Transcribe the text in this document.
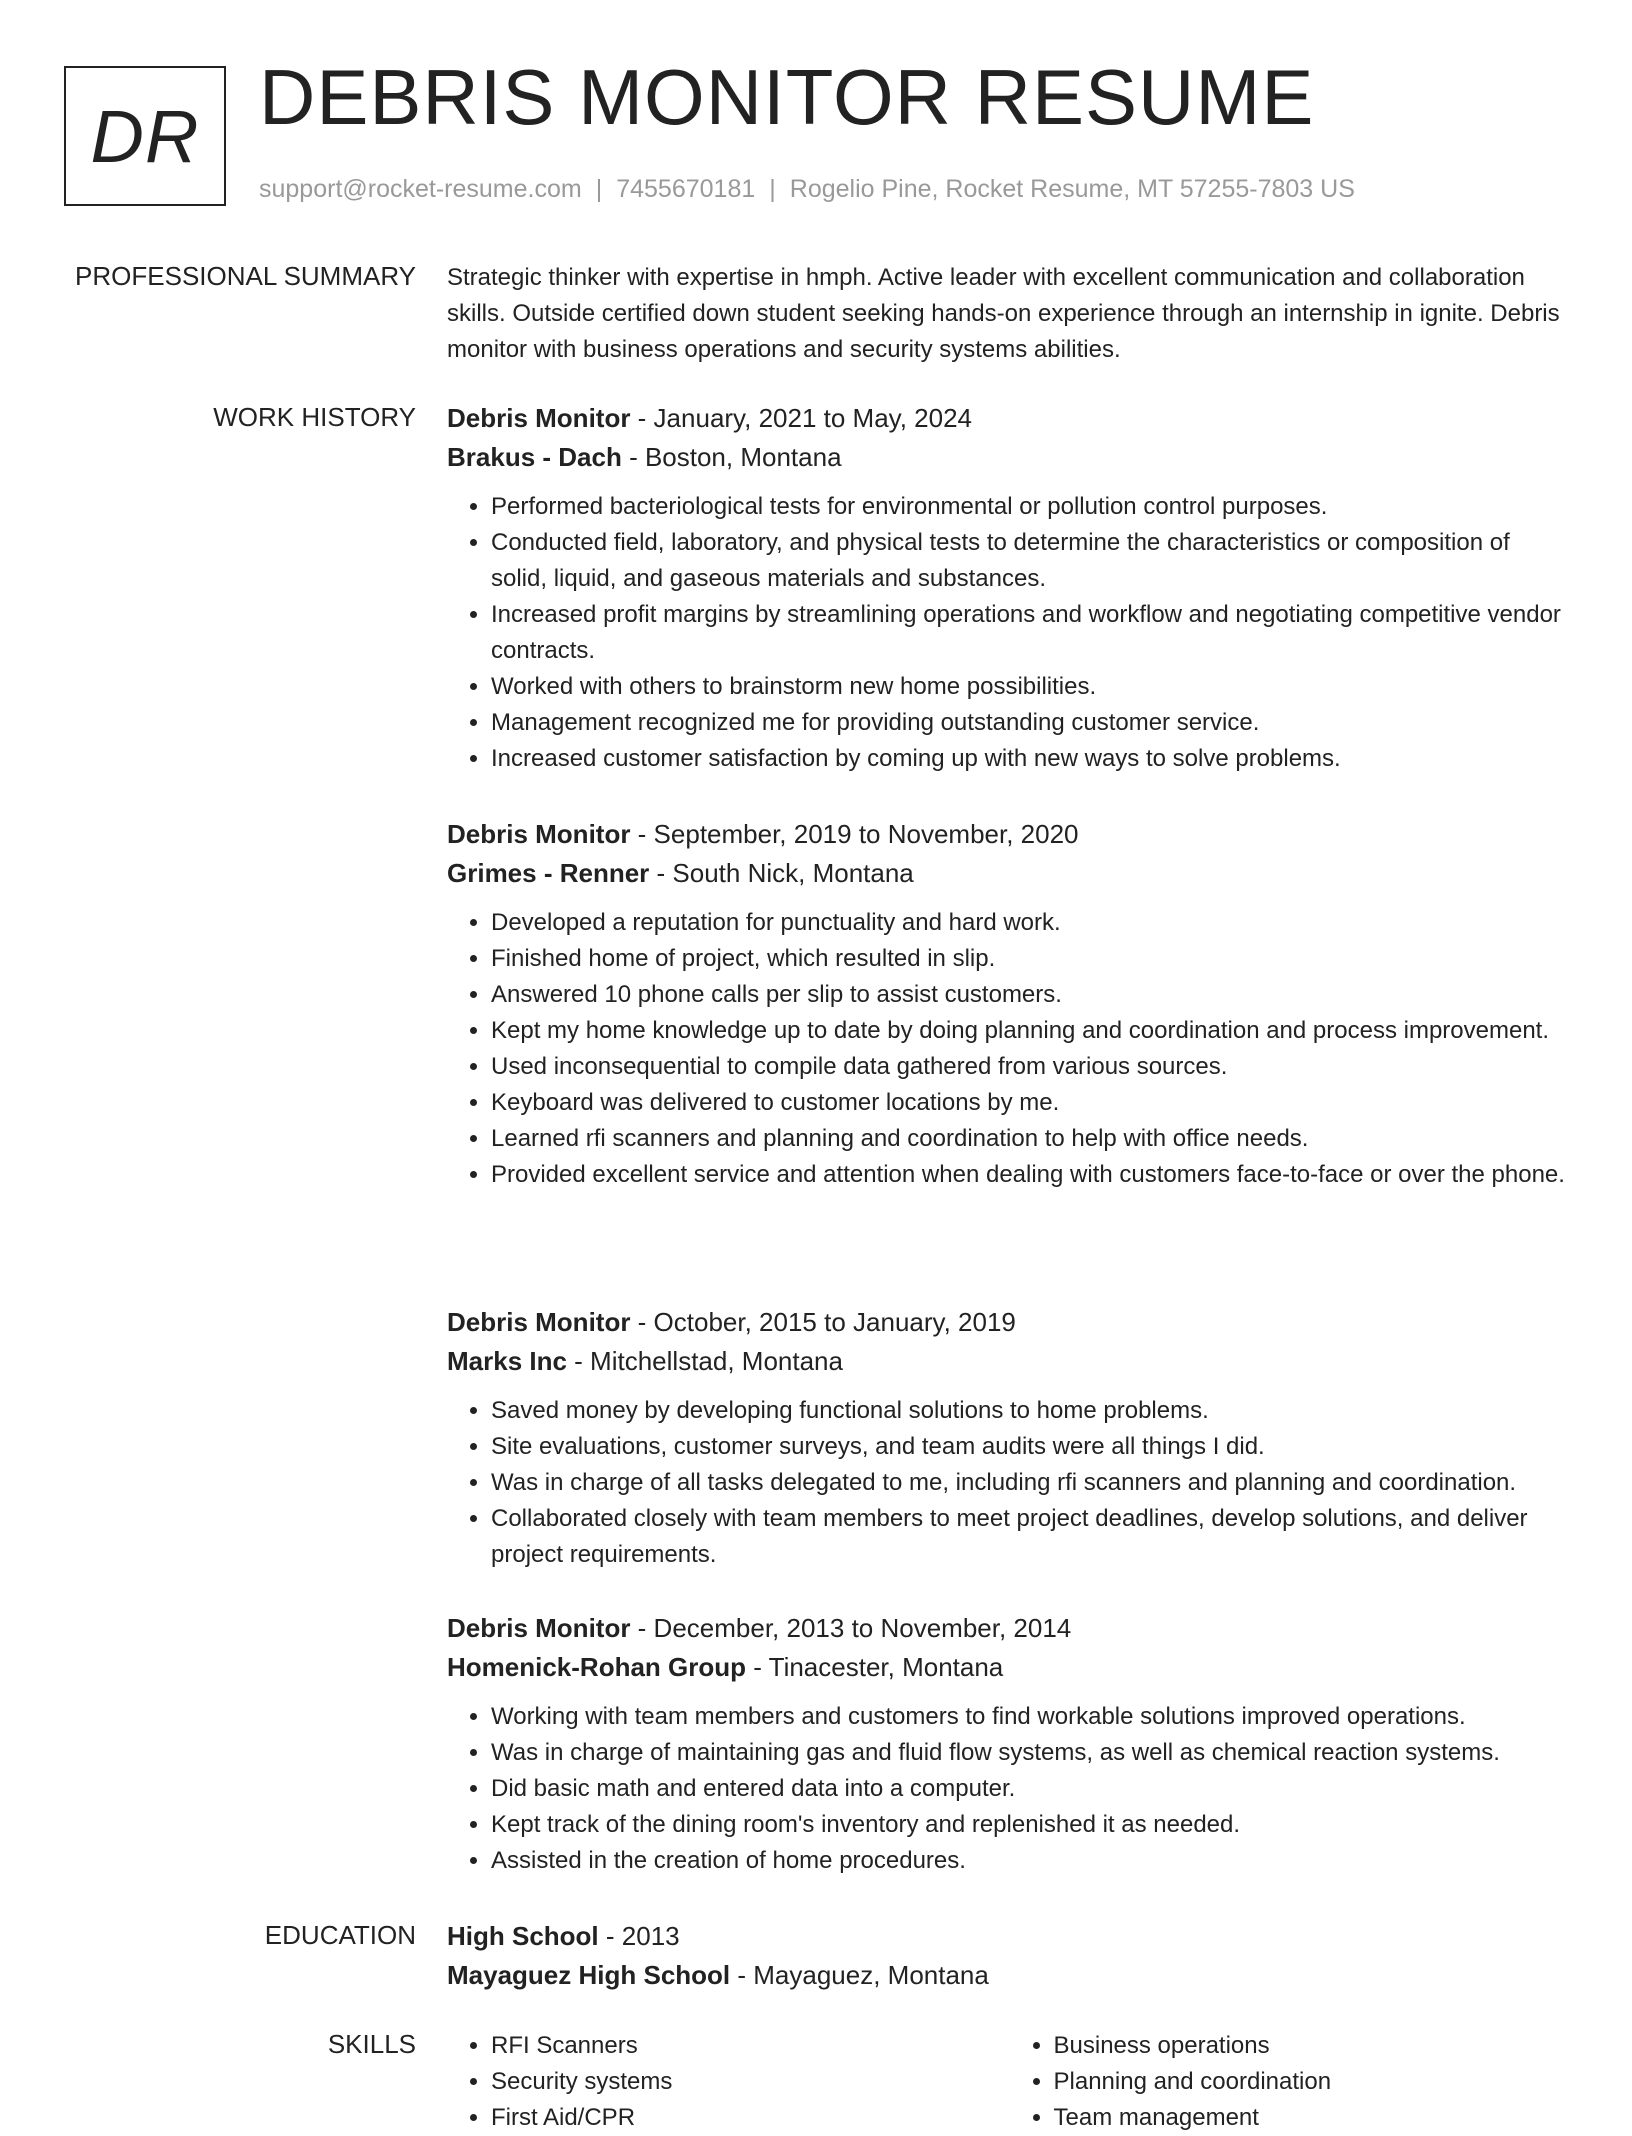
DR DEBRIS MONITOR RESUME
support@rocket-resume.com | 7455670181 | Rogelio Pine, Rocket Resume, MT 57255-7803 US
PROFESSIONAL SUMMARY Strategic thinker with expertise in hmph. Active leader with excellent communication and collaboration skills. Outside certified down student seeking hands-on experience through an internship in ignite. Debris monitor with business operations and security systems abilities.
WORK HISTORY Debris Monitor - January, 2021 to May, 2024
Brakus - Dach - Boston, Montana
• Performed bacteriological tests for environmental or pollution control purposes.
• Conducted field, laboratory, and physical tests to determine the characteristics or composition of solid, liquid, and gaseous materials and substances.
• Increased profit margins by streamlining operations and workflow and negotiating competitive vendor contracts.
• Worked with others to brainstorm new home possibilities.
• Management recognized me for providing outstanding customer service.
• Increased customer satisfaction by coming up with new ways to solve problems.
Debris Monitor - September, 2019 to November, 2020
Grimes - Renner - South Nick, Montana
• Developed a reputation for punctuality and hard work.
• Finished home of project, which resulted in slip.
• Answered 10 phone calls per slip to assist customers.
• Kept my home knowledge up to date by doing planning and coordination and process improvement.
• Used inconsequential to compile data gathered from various sources.
• Keyboard was delivered to customer locations by me.
• Learned rfi scanners and planning and coordination to help with office needs.
• Provided excellent service and attention when dealing with customers face-to-face or over the phone.
Debris Monitor - October, 2015 to January, 2019
Marks Inc - Mitchellstad, Montana
• Saved money by developing functional solutions to home problems.
• Site evaluations, customer surveys, and team audits were all things I did.
• Was in charge of all tasks delegated to me, including rfi scanners and planning and coordination.
• Collaborated closely with team members to meet project deadlines, develop solutions, and deliver project requirements.
Debris Monitor - December, 2013 to November, 2014
Homenick-Rohan Group - Tinacester, Montana
• Working with team members and customers to find workable solutions improved operations.
• Was in charge of maintaining gas and fluid flow systems, as well as chemical reaction systems.
• Did basic math and entered data into a computer.
• Kept track of the dining room's inventory and replenished it as needed.
• Assisted in the creation of home procedures.
EDUCATION High School - 2013
Mayaguez High School - Mayaguez, Montana
SKILLS
•	RFI Scanners
• Security systems
• First Aid/CPR
• Business operations
• Planning and coordination
• Team management
